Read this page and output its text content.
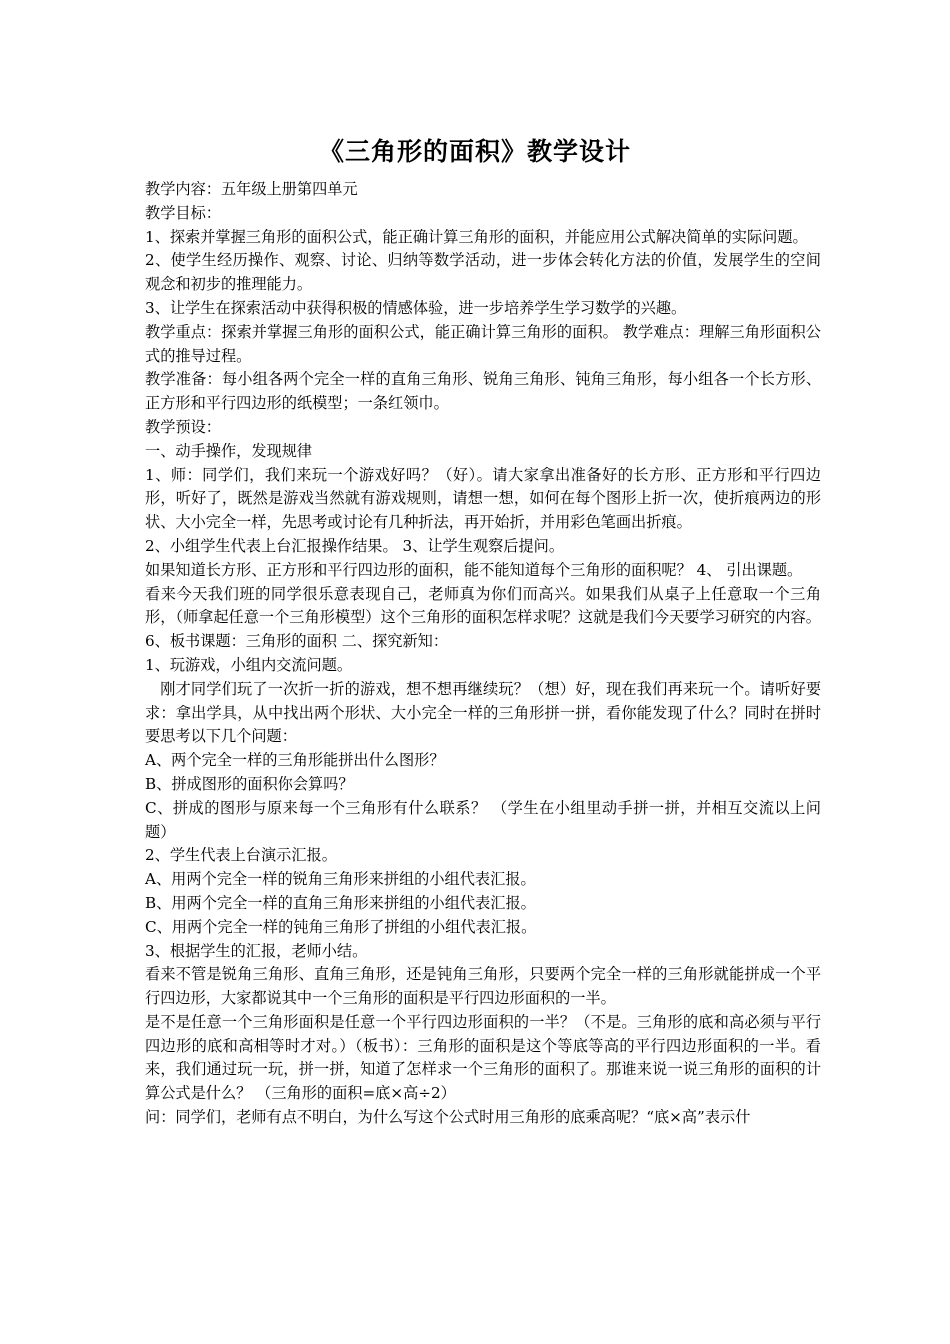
《三角形的面积》教学设计

教学内容：五年级上册第四单元

教学目标：

1、探索并掌握三角形的面积公式，能正确计算三角形的面积，并能应用公式解决简单的实际问题。

2、使学生经历操作、观察、讨论、归纳等数学活动，进一步体会转化方法的价值，发展学生的空间观念和初步的推理能力。

3、让学生在探索活动中获得积极的情感体验，进一步培养学生学习数学的兴趣。

教学重点：探索并掌握三角形的面积公式，能正确计算三角形的面积。 教学难点：理解三角形面积公式的推导过程。

教学准备：每小组各两个完全一样的直角三角形、锐角三角形、钝角三角形，每小组各一个长方形、正方形和平行四边形的纸模型；一条红领巾。

教学预设：

一、动手操作，发现规律

1、师：同学们，我们来玩一个游戏好吗？（好）。请大家拿出准备好的长方形、正方形和平行四边形，听好了，既然是游戏当然就有游戏规则，请想一想，如何在每个图形上折一次，使折痕两边的形状、大小完全一样，先思考或讨论有几种折法，再开始折，并用彩色笔画出折痕。

2、小组学生代表上台汇报操作结果。 3、让学生观察后提问。

如果知道长方形、正方形和平行四边形的面积，能不能知道每个三角形的面积呢？ 4、 引出课题。

看来今天我们班的同学很乐意表现自己，老师真为你们而高兴。如果我们从桌子上任意取一个三角形，（师拿起任意一个三角形模型）这个三角形的面积怎样求呢？这就是我们今天要学习研究的内容。 6、板书课题：三角形的面积 二、探究新知：

1、玩游戏，小组内交流问题。

刚才同学们玩了一次折一折的游戏，想不想再继续玩？（想）好，现在我们再来玩一个。请听好要求：拿出学具，从中找出两个形状、大小完全一样的三角形拼一拼，看你能发现了什么？同时在拼时要思考以下几个问题：

A、两个完全一样的三角形能拼出什么图形？

B、拼成图形的面积你会算吗？

C、拼成的图形与原来每一个三角形有什么联系？ （学生在小组里动手拼一拼，并相互交流以上问题）

2、学生代表上台演示汇报。

A、用两个完全一样的锐角三角形来拼组的小组代表汇报。

B、用两个完全一样的直角三角形来拼组的小组代表汇报。

C、用两个完全一样的钝角三角形了拼组的小组代表汇报。

3、根据学生的汇报，老师小结。

看来不管是锐角三角形、直角三角形，还是钝角三角形，只要两个完全一样的三角形就能拼成一个平行四边形，大家都说其中一个三角形的面积是平行四边形面积的一半。

是不是任意一个三角形面积是任意一个平行四边形面积的一半？（不是。三角形的底和高必须与平行四边形的底和高相等时才对。）（板书）：三角形的面积是这个等底等高的平行四边形面积的一半。看来，我们通过玩一玩，拼一拼，知道了怎样求一个三角形的面积了。那谁来说一说三角形的面积的计算公式是什么？ （三角形的面积=底×高÷2）

问：同学们，老师有点不明白，为什么写这个公式时用三角形的底乘高呢？“底×高”表示什
